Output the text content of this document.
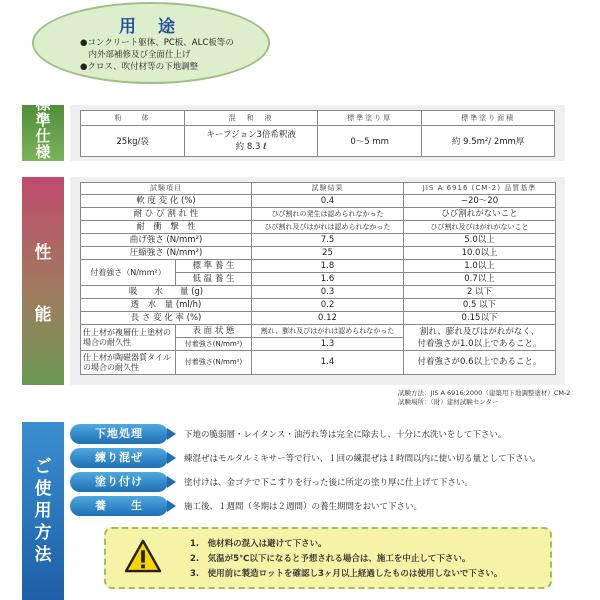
用 途
●コンクリート躯体、PC板、ALC板等の
　内外部補修及び全面仕上げ
●クロス、吹付材等の下地調整
標準仕様
(資合)
粉　　体	混　和　液	標準塗り厚	標準塗り面積
25kg/袋	キープジョン3倍希釈液
約 8.3 ℓ	0～5 mm	約 9.5m²/ 2mm厚
性
能
試験項目		試験結果	JIS A 6916 (CM-2) 品質基準
軟 度 変 化 (%)		0.4	−20〜20
耐 ひ び 割 れ 性		ひび割れの発生は認められなかった	ひび割れがないこと
耐　衝　撃　性		ひび割れ及びはがれは認められなかった	ひび割れ及びはがれがないこと
曲げ強さ (N/mm²)		7.5	5.0以上
圧縮強さ (N/mm²)		25	10.0以上
付着強さ（N/mm²）	標 準 養 生	1.8	1.0以上
	低 温 養 生	1.6	0.7以上
吸　　水　　量 (g)		0.3	2 以下
透　水　量 (ml/h)		0.2	0.5 以下
長 さ 変 化 率 (%)		0.12	0.15以下
仕上材が複層仕上塗材の場合の耐久性	表 面 状 態	割れ、膨れ及びはがれは認められなかった	割れ、膨れ及びはがれがなく、
付着強さが1.0以上であること。

	付着強さ(N/mm²)	1.3	
仕上材が陶磁器質タイルの場合の耐久性	付着強さ(N/mm²)	1.4	付着強さが0.6以上であること。
試験方法：JIS A 6916:2000（建築用下地調整塗材）CM-2
試験場所：（財）建材試験センター
ご使用方法
下地処理	下地の脆弱層・レイタンス・油汚れ等は完全に除去し、十分に水洗いをして下さい。
練り混ぜ	練混ぜはモルタルミキサー等で行い、１回の練混ぜは１時間以内に使い切る量として下さい。
塗り付け	塗付けは、金ゴテで下こすりを行った後に所定の塗り厚に仕上げて下さい。
養　　生	施工後、１週間（冬期は２週間）の養生期間をおいて下さい。
1.　他材料の混入は避けて下さい。
2.　気温が5℃以下になると予想される場合は、施工を中止して下さい。
3.　使用前に製造ロットを確認し3ヶ月以上経過したものは使用しないで下さい。
